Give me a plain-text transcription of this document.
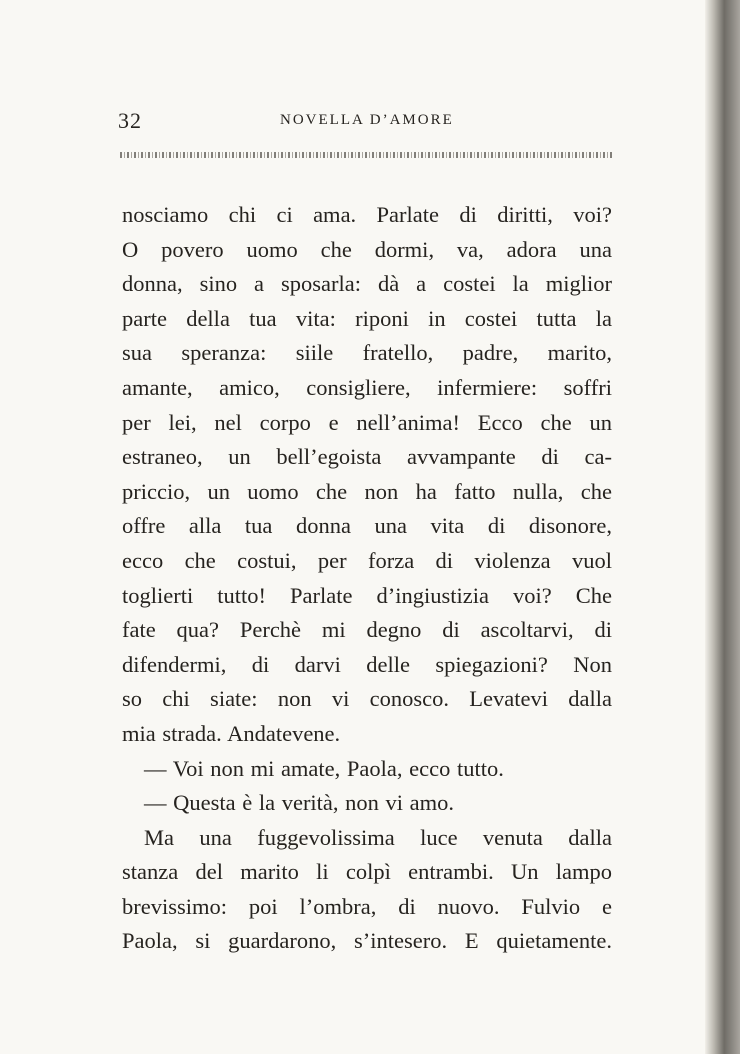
32	NOVELLA D’AMORE
nosciamo chi ci ama. Parlate di diritti, voi?
O povero uomo che dormi, va, adora una
donna, sino a sposarla: dà a costei la miglior
parte della tua vita: riponi in costei tutta la
sua speranza: siile fratello, padre, marito,
amante, amico, consigliere, infermiere: soffri
per lei, nel corpo e nell’anima! Ecco che un
estraneo, un bell’egoista avvampante di ca-
priccio, un uomo che non ha fatto nulla, che
offre alla tua donna una vita di disonore,
ecco che costui, per forza di violenza vuol
toglierti tutto! Parlate d’ingiustizia voi? Che
fate qua? Perchè mi degno di ascoltarvi, di
difendermi, di darvi delle spiegazioni? Non
so chi siate: non vi conosco. Levatevi dalla
mia strada. Andatevene.
— Voi non mi amate, Paola, ecco tutto.
— Questa è la verità, non vi amo.
Ma una fuggevolissima luce venuta dalla
stanza del marito li colpì entrambi. Un lampo
brevissimo: poi l’ombra, di nuovo. Fulvio e
Paola, si guardarono, s’intesero. E quietamente.
